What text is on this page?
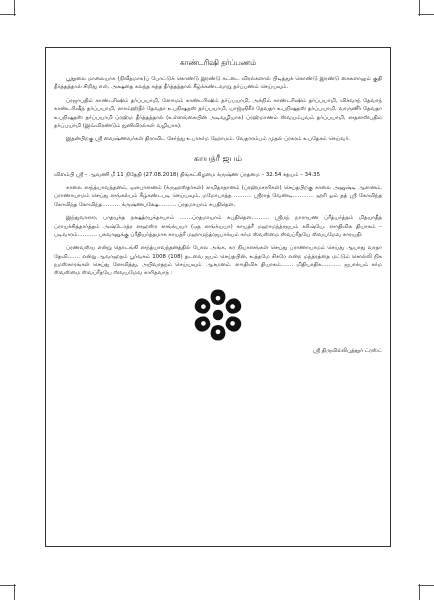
காண்டரிஷி தர்ப்பணம்

பூநூலை மாலையாக (நிவீதமாக)ப் போட்டுக் கொண்டு இரண்டு கட்டை விரல்களால் பிடித்துக் கொண்டு இரண்டு கைகளாலும் குதி தீர்த்தத்தால் சிறிது எள், அக்ஷதை கலந்த சுத்த தீர்த்தத்தால் கீழ்க்கண்டவாறு தர்ப்பணம் செய்யவும்.

ப்ரஜாபதிம் காண்டரிஷிம் தர்ப்பயாமி, ஸோமம் காண்டரிஷிம் தர்ப்பயாமி, அக்நிம் காண்டரிஷிம் தர்ப்பயாமி, விச்வாந் தேவாந் காண்டரிஷீந் தர்ப்பயாமி, ஸாம்ஹிதீர் தேவதா உபநிஷதஸ் தர்ப்பயாமி, யாஜ்ஞிகீர் தேவதா உபநிஷதஸ் தர்ப்பயாமி, வாருணீர் தேவதா உபநிஷதஸ் தர்ப்பயாமி ப்ரஹ்ம தீர்த்தத்தால் (உள்ளங்கையின் அடிவழியாக) ப்ரஹ்மாணம் ஸ்வயம்புவம் தர்ப்பயாமி, ஸதஸஸ்பதிம் தர்ப்பயாமி (இவ்விரண்டும் நுனிவிரல்கள் வழியாக).

இதன்பிறகு ஸ்ரீ வைஷ்ணவர்கள் திராவிட சேர்ந்து உபாகர்ம ஹோமம். வேதாரம்பம் முதல் ப்ரகரம் உபதேசம் செய்வர்.

காயத்ரீ ஜபம்

விளம்பி ஸ்ரீ – ஆவணி மீ 11 நிதேதி (27.08.2018) திங்கட்கிழமை க்ருஷ்ண ப்ரதமை – 32.54 சதயம் – 34.35

காலை ஸந்த்யாவந்தனம், ஔபாஸனம் (க்ருஹஸ்தர்கள்) ஸமிதாதானம் (ப்ரஹ்மசாரிகள்) செய்தபிறகு காலை அனுஷ்டி ஆஸனம், ப்ராணாயாமம் செய்து ஸங்கல்பம் கீழ்கண்டபடி செய்யவும். மமோபாத்த ………. ஸ்ரீராத் வேண்டி………… ஹரி ஓம் தத் ஸ்ரீ கோவிந்த கோவிந்த கோவிந்த………. க்ருஷ்ணபக்ஷே………. ப்ரதமாயாம் சுபதிதௌ,

இந்துவாஸர, பாதயுக்த நக்ஷத்ரயுக்தாயாம் …….ப்ரதமாயாம் சுபதிதௌ………. ஸ்ரீமந் நாராயண ப்ரீத்யர்த்தம் மிதயாதீத ப்ராயச்சித்தார்த்தம் அஷ்டோத்ர ஸஹஸ்ர ஸங்க்யயா (ஏத ஸங்க்யயா) காயத்ரீ மஹாமந்த்ரஜபம் கரிஷ்யே. ஸாதிவிக தியாகம் – படிவாரம்……….. பகவானுக்கு ப்ரீதியர்த்தமாக காயத்ரீ மஹாமந்த்ரஜபாக்யம் கர்ம ஸ்வஸ்மை ஸ்வப்ரீதயே ஸ்வயமேவ காரயதி.

ப்ரணவஸ்ய என்று தொடங்கி ஸந்த்யாவந்தனத்தில் போல அங்க, கர நியாஸங்கள் செய்து ப்ராணாயாமம் செய்து ஆயாது வரதா தேவி……. என்று ஆவாஹநம் பூர்வகம் 1008 (108) தடவை ஜபம் செய்தபின், உத்தமே சிகரே என்ற மந்த்ரத்தை மட்டும் சொல்லி நிக நமஸ்காரங்கள் செய்து ஸேவித்து, அபிவாதநம் செய்யவும். ஆசமனம். ஸாதிவிக தியாகம்……. மிதியாதிக……….. ஜபாக்யம் கர்ம ஸ்வஸ்மை ஸ்வப்ரீதயே ஸ்வயமேவ காரிதவாந் :

ஸ்ரீ திருவில்லிபுத்தூர் ட்ரஸ்ட்
